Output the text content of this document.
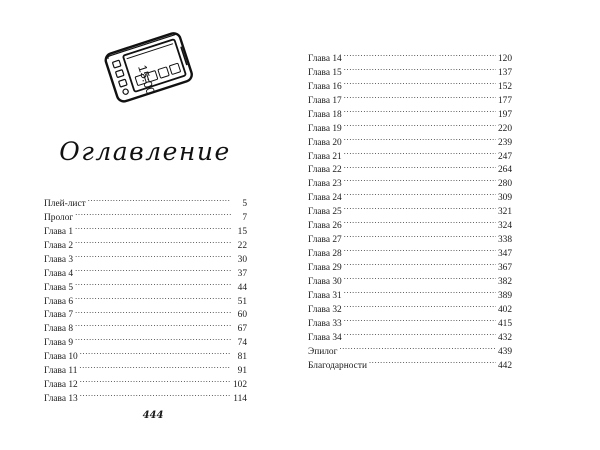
15:00
Оглавление
Плей-лист . . .	5
Пролог . . .	7
Глава 1 . . .	15
Глава 2 . . .	22
Глава 3 . . .	30
Глава 4 . . .	37
Глава 5 . . .	44
Глава 6 . . .	51
Глава 7 . . .	60
Глава 8 . . .	67
Глава 9 . . .	74
Глава 10 . . .	81
Глава 11 . . .	91
Глава 12 . . .	102
Глава 13 . . .	114
444
Глава 14 . . .	120
Глава 15 . . .	137
Глава 16 . . .	152
Глава 17 . . .	177
Глава 18 . . .	197
Глава 19 . . .	220
Глава 20 . . .	239
Глава 21 . . .	247
Глава 22 . . .	264
Глава 23 . . .	280
Глава 24 . . .	309
Глава 25 . . .	321
Глава 26 . . .	324
Глава 27 . . .	338
Глава 28 . . .	347
Глава 29 . . .	367
Глава 30 . . .	382
Глава 31 . . .	389
Глава 32 . . .	402
Глава 33 . . .	415
Глава 34 . . .	432
Эпилог . . .	439
Благодарности . . .	442
